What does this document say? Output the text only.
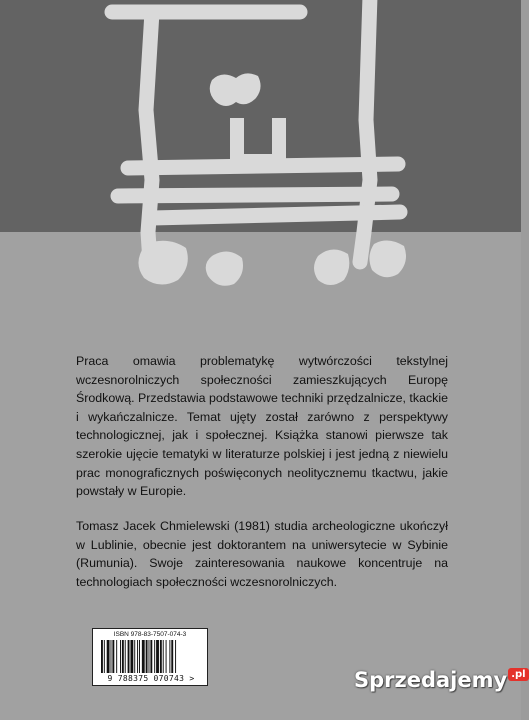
Praca omawia problematykę wytwórczości tekstylnej wczesnorolniczych społeczności zamieszkujących Europę Środkową. Przedstawia podstawowe techniki przędzalnicze, tkackie i wykańczalnicze. Temat ujęty został zarówno z perspektywy technologicznej, jak i społecznej. Książka stanowi pierwsze tak szerokie ujęcie tematyki w literaturze polskiej i jest jedną z niewielu prac monograficznych poświęconych neolitycznemu tkactwu, jakie powstały w Europie.
Tomasz Jacek Chmielewski (1981) studia archeologiczne ukończył w Lublinie, obecnie jest doktorantem na uniwersytecie w Sybinie (Rumunia). Swoje zainteresowania naukowe koncentruje na technologiach społeczności wczesnorolniczych.
ISBN 978-83-7507-074-3
9 788375 070743 >	Sprzedajemy .pl
